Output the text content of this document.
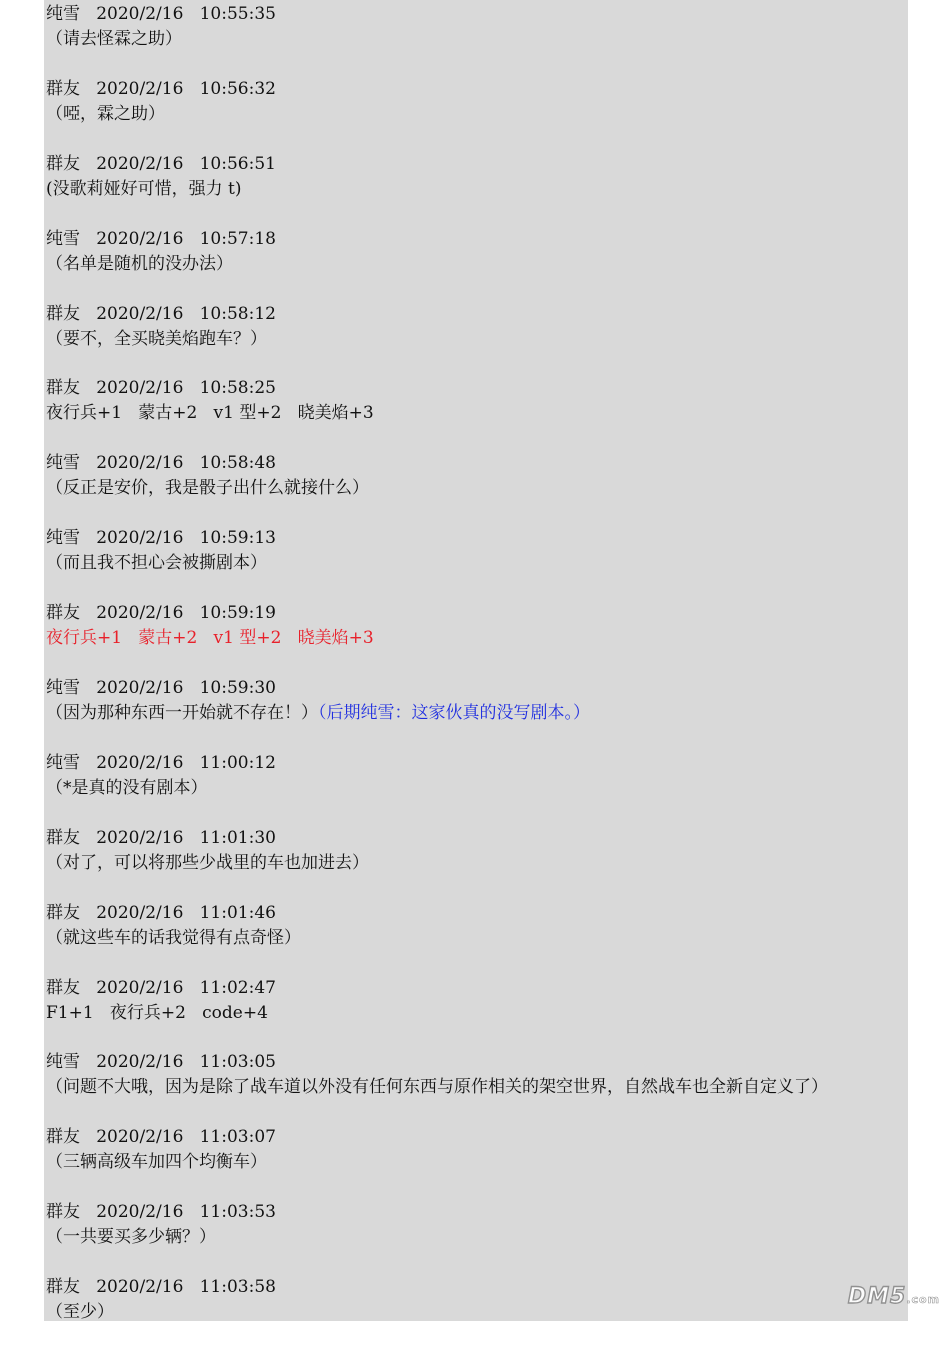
纯雪 2020/2/16 10:55:35
（请去怪霖之助）
群友 2020/2/16 10:56:32
（啞，霖之助）
群友 2020/2/16 10:56:51
(没歌莉娅好可惜，强力 t)
纯雪 2020/2/16 10:57:18
（名单是随机的没办法）
群友 2020/2/16 10:58:12
（要不，全买晓美焰跑车？）
群友 2020/2/16 10:58:25
夜行兵+1   蒙古+2   v1 型+2   晓美焰+3
纯雪 2020/2/16 10:58:48
（反正是安价，我是骰子出什么就接什么）
纯雪 2020/2/16 10:59:13
（而且我不担心会被撕剧本）
群友 2020/2/16 10:59:19
夜行兵+1   蒙古+2   v1 型+2   晓美焰+3
纯雪 2020/2/16 10:59:30
（因为那种东西一开始就不存在！）（后期纯雪：这家伙真的没写剧本。）
纯雪 2020/2/16 11:00:12
（*是真的没有剧本）
群友 2020/2/16 11:01:30
（对了，可以将那些少战里的车也加进去）
群友 2020/2/16 11:01:46
（就这些车的话我觉得有点奇怪）
群友 2020/2/16 11:02:47
F1+1   夜行兵+2   code+4
纯雪 2020/2/16 11:03:05
（问题不大哦，因为是除了战车道以外没有任何东西与原作相关的架空世界，自然战车也全新自定义了）
群友 2020/2/16 11:03:07
（三辆高级车加四个均衡车）
群友 2020/2/16 11:03:53
（一共要买多少辆？）
群友 2020/2/16 11:03:58
（至少）
DM5.com
